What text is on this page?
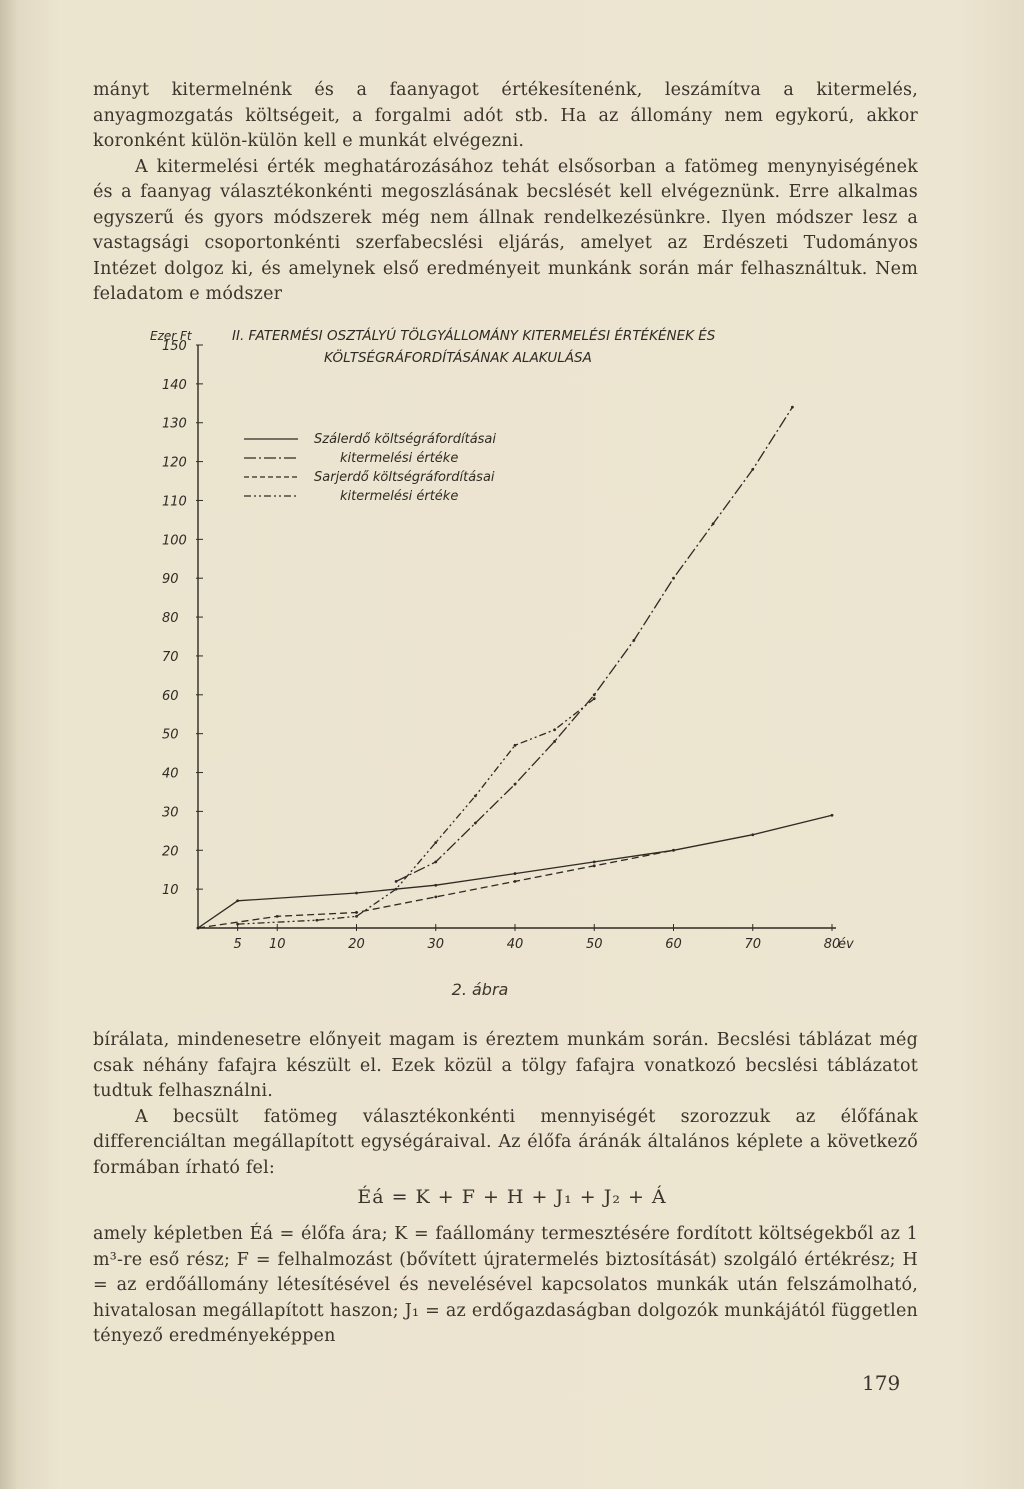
mányt kitermelnénk és a faanyagot értékesítenénk, leszámítva a kitermelés, anyagmozgatás költségeit, a forgalmi adót stb. Ha az állomány nem egykorú, akkor koronként külön-külön kell e munkát elvégezni.
A kitermelési érték meghatározásához tehát elsősorban a fatömeg menynyiségének és a faanyag választékonkénti megoszlásának becslését kell elvégeznünk. Erre alkalmas egyszerű és gyors módszerek még nem állnak rendelkezésünkre. Ilyen módszer lesz a vastagsági csoportonkénti szerfabecslési eljárás, amelyet az Erdészeti Tudományos Intézet dolgoz ki, és amelynek első eredményeit munkánk során már felhasználtuk. Nem feladatom e módszer
II. FATERMÉSI OSZTÁLYÚ TÖLGYÁLLOMÁNY KITERMELÉSI ÉRTÉKÉNEK ÉS
KÖLTSÉGRÁFORDÍTÁSÁNAK ALAKULÁSA
Ezer Ft
év
10
20
30
40
50
60
70
80
90
100
110
120
130
140
150
5 10	20	30	40	50	60	70	80
Szálerdő költségráfordításai
kitermelési értéke
Sarjerdő költségráfordításai
kitermelési értéke
2. ábra
bírálata, mindenesetre előnyeit magam is éreztem munkám során. Becslési táblázat még csak néhány fafajra készült el. Ezek közül a tölgy fafajra vonatkozó becslési táblázatot tudtuk felhasználni.
A becsült fatömeg választékonkénti mennyiségét szorozzuk az élőfának differenciáltan megállapított egységáraival. Az élőfa áránák általános képlete a következő formában írható fel:
Éá = K + F + H + J₁ + J₂ + Á
amely képletben Éá = élőfa ára; K = faállomány termesztésére fordított költségekből az 1 m³-re eső rész; F = felhalmozást (bővített újratermelés biztosítását) szolgáló értékrész; H = az erdőállomány létesítésével és nevelésével kapcsolatos munkák után felszámolható, hivatalosan megállapított haszon; J₁ = az erdőgazdaságban dolgozók munkájától független tényező eredményeképpen
179
